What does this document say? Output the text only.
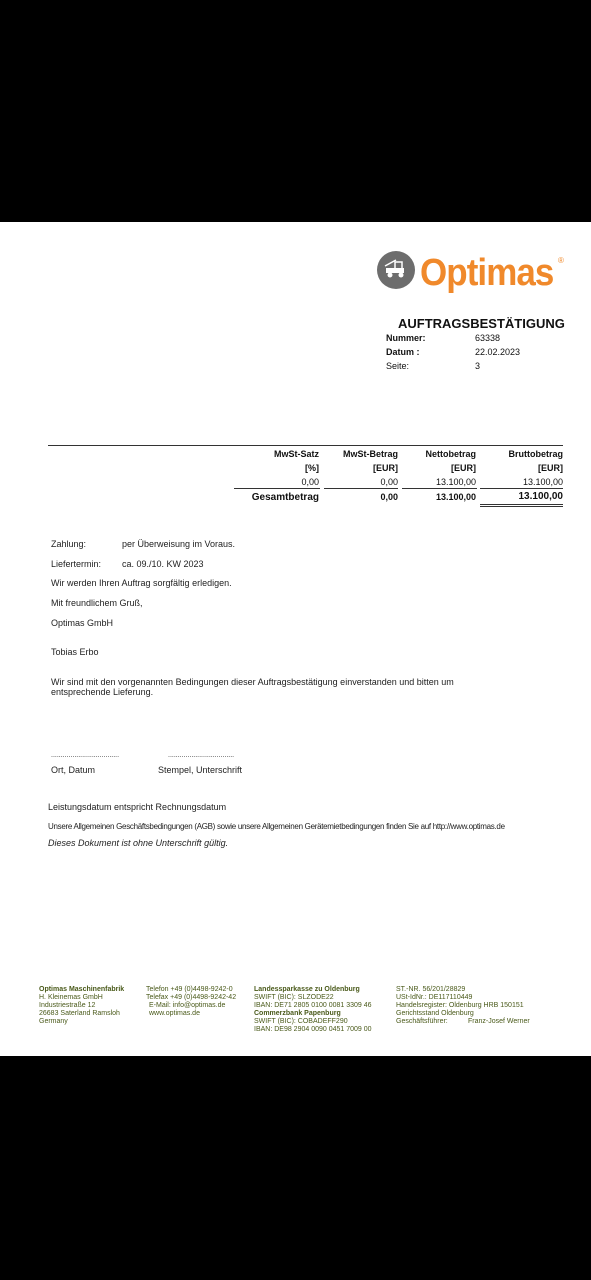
Optimas ®
AUFTRAGSBESTÄTIGUNG
Nummer:	63338
Datum :	22.02.2023
Seite:	3
MwSt-Satz	MwSt-Betrag	Nettobetrag	Bruttobetrag
[%]	[EUR]	[EUR]	[EUR]
0,00	0,00	13.100,00	13.100,00
Gesamtbetrag	0,00	13.100,00	13.100,00
Zahlung:	per Überweisung im Voraus.
Liefertermin: ca. 09./10. KW 2023
Wir werden Ihren Auftrag sorgfältig erledigen.
Mit freundlichem Gruß,
Optimas GmbH
Tobias Erbo
Wir sind mit den vorgenannten Bedingungen dieser Auftragsbestätigung einverstanden und bitten um
entsprechende Lieferung.
...................................	..................................
Ort, Datum	Stempel, Unterschrift
Leistungsdatum entspricht Rechnungsdatum
Unsere Allgemeinen Geschäftsbedingungen (AGB) sowie unsere Allgemeinen Gerätemietbedingungen finden Sie auf http://www.optimas.de
Dieses Dokument ist ohne Unterschrift gültig.
Optimas Maschinenfabrik
H. Kleinemas GmbH
Industriestraße 12
26683 Saterland Ramsloh
Germany
Telefon +49 (0)4498-9242-0
Telefax +49 (0)4498-9242-42
E-Mail: info@optimas.de
www.optimas.de
Landessparkasse zu Oldenburg
SWIFT (BIC): SLZODE22
IBAN: DE71 2805 0100 0081 3309 46
Commerzbank Papenburg
SWIFT (BIC): COBADEFF290
IBAN: DE98 2904 0090 0451 7009 00
ST.-NR. 56/201/28829
USt-IdNr.: DE117110449
Handelsregister: Oldenburg HRB 150151
Gerichtsstand Oldenburg
Geschäftsführer:	Franz-Josef Werner
